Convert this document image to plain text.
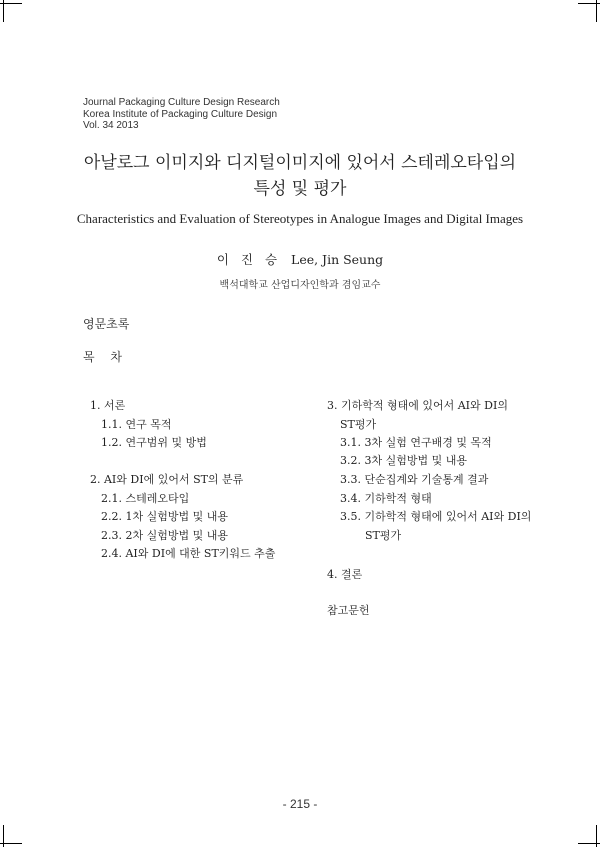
Journal Packaging Culture Design Research
Korea Institute of Packaging Culture Design
Vol. 34 2013
아날로그 이미지와 디지털이미지에 있어서 스테레오타입의
특성 및 평가
Characteristics and Evaluation of Stereotypes in Analogue Images and Digital Images
이 진 승 Lee, Jin Seung
백석대학교 산업디자인학과 겸임교수
영문초록
목 차
1. 서론
1.1. 연구 목적
1.2. 연구범위 및 방법
2. AI와 DI에 있어서 ST의 분류
2.1. 스테레오타입
2.2. 1차 실험방법 및 내용
2.3. 2차 실험방법 및 내용
2.4. AI와 DI에 대한 ST키워드 추출
3. 기하학적 형태에 있어서 AI와 DI의
ST평가
3.1. 3차 실험 연구배경 및 목적
3.2. 3차 실험방법 및 내용
3.3. 단순집계와 기술통계 결과
3.4. 기하학적 형태
3.5. 기하학적 형태에 있어서 AI와 DI의
ST평가
4. 결론
참고문헌
- 215 -
